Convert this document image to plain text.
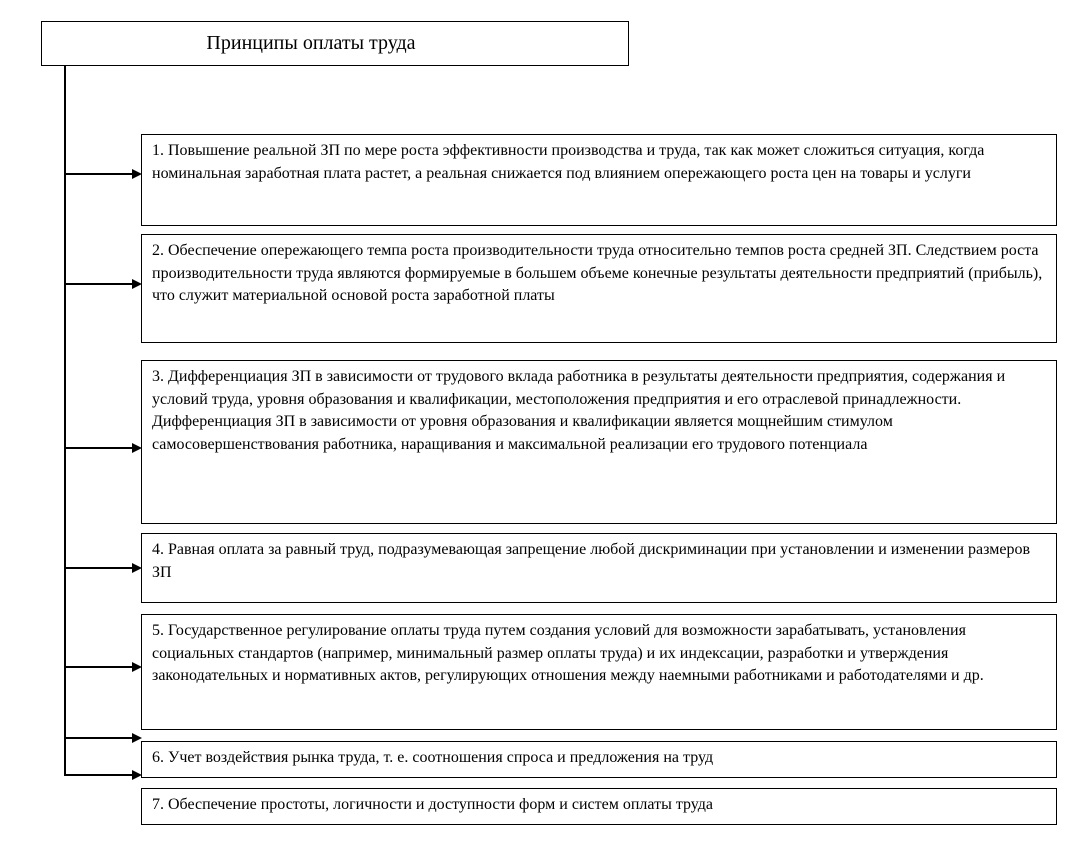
Принципы оплаты труда
1. Повышение реальной ЗП по мере роста эффективности производства и труда, так как может сложиться ситуация, когда номинальная заработная плата растет, а реальная снижается под влиянием опережающего роста цен на товары и услуги
2. Обеспечение опережающего темпа роста производительности труда относительно темпов роста средней ЗП. Следствием роста производительности труда являются формируемые в большем объеме конечные результаты деятельности предприятий (прибыль), что служит материальной основой роста заработной платы
3. Дифференциация ЗП в зависимости от трудового вклада работника в результаты деятельности предприятия, содержания и условий труда, уровня образования и квалификации, местоположения предприятия и его отраслевой принадлежности. Дифференциация ЗП в зависимости от уровня образования и квалификации является мощнейшим стимулом самосовершенствования работника, наращивания и максимальной реализации его трудового потенциала
4. Равная оплата за равный труд, подразумевающая запрещение любой дискриминации при установлении и изменении размеров ЗП
5. Государственное регулирование оплаты труда путем создания условий для возможности зарабатывать, установления социальных стандартов (например, минимальный размер оплаты труда) и их индексации, разработки и утверждения законодательных и нормативных актов, регулирующих отношения между наемными работниками и работодателями и др.
6. Учет воздействия рынка труда, т. е. соотношения спроса и предложения на труд
7. Обеспечение простоты, логичности и доступности форм и систем оплаты труда
